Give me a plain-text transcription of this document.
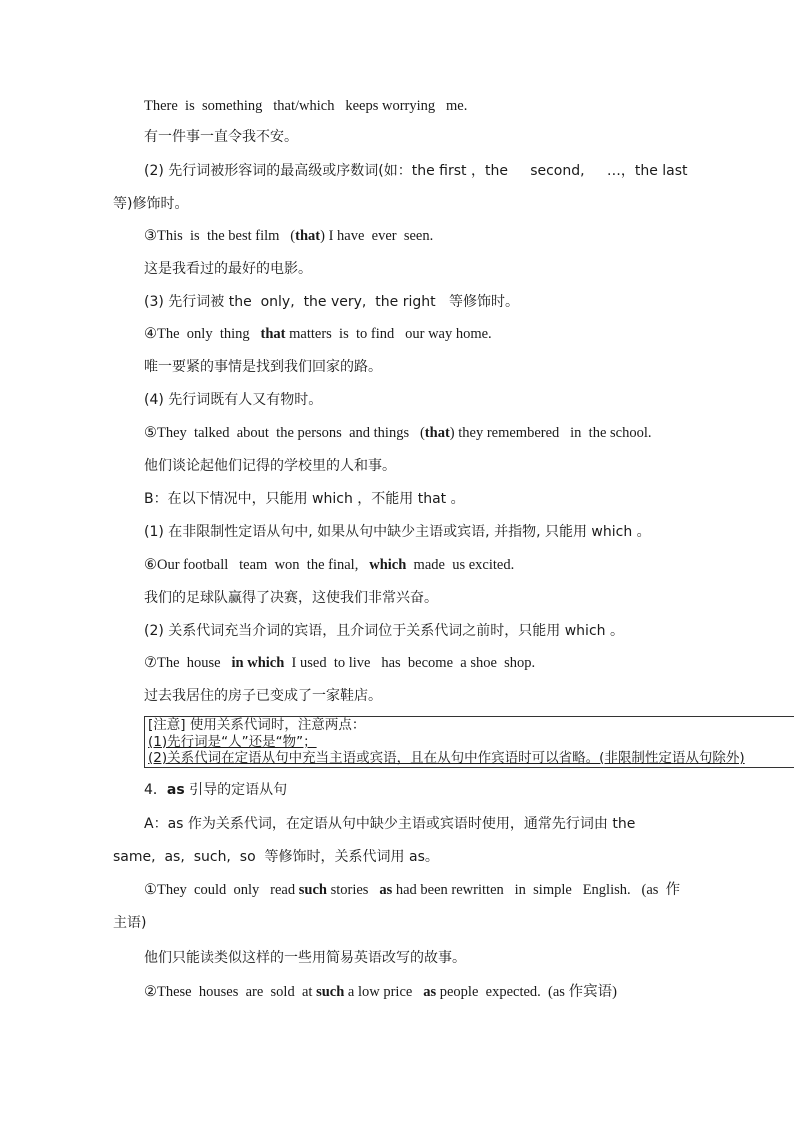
There  is  something   that/which   keeps worrying   me.
有一件事一直令我不安。
(2) 先行词被形容词的最高级或序数词(如：the first ，the     second,     …，the last
等)修饰时。
③This  is  the best film   (that) I have  ever  seen.
这是我看过的最好的电影。
(3) 先行词被 the  only,  the very,  the right   等修饰时。
④The  only  thing   that matters  is  to find   our way home.
唯一要紧的事情是找到我们回家的路。
(4) 先行词既有人又有物时。
⑤They  talked  about  the persons  and things   (that) they remembered   in  the school.
他们谈论起他们记得的学校里的人和事。
B：在以下情况中，只能用 which ，不能用 that 。
(1) 在非限制性定语从句中, 如果从句中缺少主语或宾语, 并指物, 只能用 which 。
⑥Our football   team  won  the final,   which  made  us excited.
我们的足球队赢得了决赛，这使我们非常兴奋。
(2) 关系代词充当介词的宾语，且介词位于关系代词之前时，只能用 which 。
⑦The  house   in which  I used  to live   has  become  a shoe  shop.
过去我居住的房子已变成了一家鞋店。
[注意] 使用关系代词时，注意两点：
(1)先行词是“人”还是“物”；
(2)关系代词在定语从句中充当主语或宾语，且在从句中作宾语时可以省略。(非限制性定语从句除外)
4．as 引导的定语从句
A：as 作为关系代词，在定语从句中缺少主语或宾语时使用，通常先行词由 the
same,  as,  such,  so  等修饰时，关系代词用 as。
①They  could  only   read such stories   as had been rewritten   in  simple   English.   (as  作
主语)
他们只能读类似这样的一些用简易英语改写的故事。
②These  houses  are  sold  at such a low price   as people  expected.  (as 作宾语)
